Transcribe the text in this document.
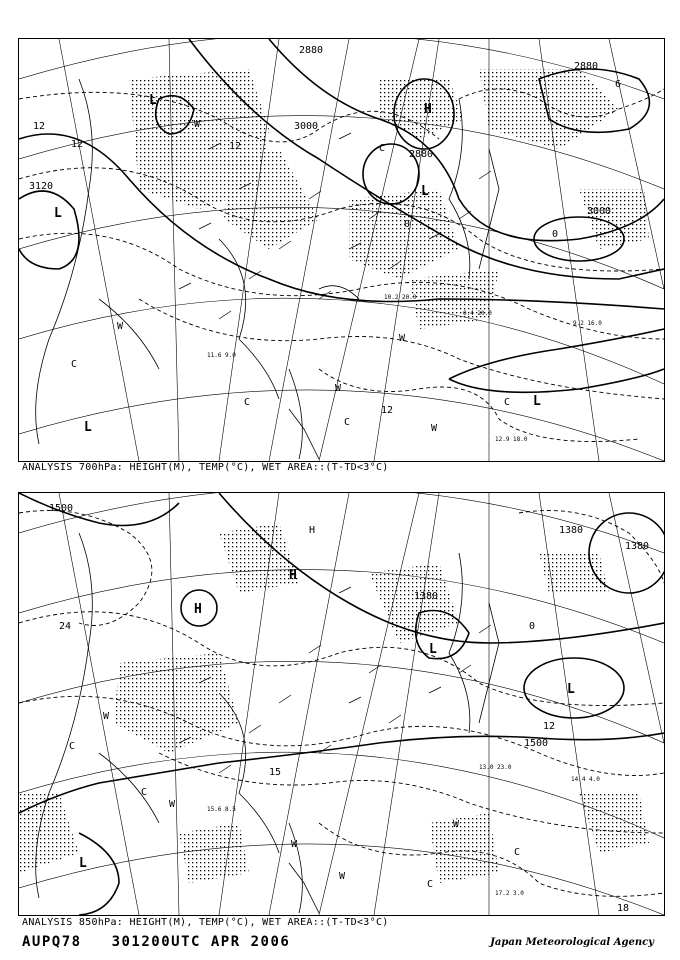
2880
3000
2880
3000
3120
2880
12
12	12
0
0
12
6
L
L
H
L
L
L
W
W
C
C
W
C
W
W
C
C
10.2 20.0
11.6 9.0
12.9 18.0
9.2 16.0
0.4 20.0
ANALYSIS 700hPa: HEIGHT(M), TEMP(°C), WET AREA::(T-TD<3°C)
1500
1380
1380
1500
1380
24
12
0
18
15
H
L
L
H
L
W
C
W
W
C
C
W
C
W
H
13.0 23.0
14.4 4.0
17.2 3.0
15.6 8.5
ANALYSIS 850hPa: HEIGHT(M), TEMP(°C), WET AREA::(T-TD<3°C)
AUPQ78 301200UTC APR 2006	Japan Meteorological Agency
